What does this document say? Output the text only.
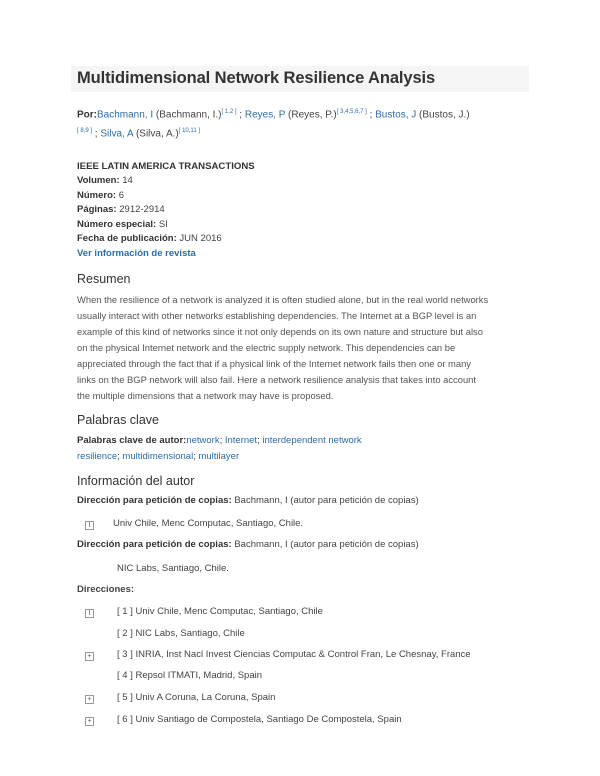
Multidimensional Network Resilience Analysis
Por:Bachmann, I (Bachmann, I.)[ 1,2 ] ; Reyes, P (Reyes, P.)[ 3,4,5,6,7 ] ; Bustos, J (Bustos, J.)
[ 8,9 ] ; Silva, A (Silva, A.)[ 10,11 ]
IEEE LATIN AMERICA TRANSACTIONS
Volumen: 14
Número: 6
Páginas: 2912-2914
Número especial: SI
Fecha de publicación: JUN 2016
Ver información de revista
Resumen
When the resilience of a network is analyzed it is often studied alone, but in the real world networks
usually interact with other networks establishing dependencies. The Internet at a BGP level is an
example of this kind of networks since it not only depends on its own nature and structure but also
on the physical Internet network and the electric supply network. This dependencies can be
appreciated through the fact that if a physical link of the Internet network fails then one or many
links on the BGP network will also fail. Here a network resilience analysis that takes into account
the multiple dimensions that a network may have is proposed.
Palabras clave
Palabras clave de autor:network; Internet; interdependent network
resilience; multidimensional; multilayer
Información del autor
Dirección para petición de copias: Bachmann, I (autor para petición de copias)
I	Univ Chile, Menc Computac, Santiago, Chile.
Dirección para petición de copias: Bachmann, I (autor para petición de copias)
NIC Labs, Santiago, Chile.
Direcciones:
I	[ 1 ] Univ Chile, Menc Computac, Santiago, Chile
[ 2 ] NIC Labs, Santiago, Chile
+	[ 3 ] INRIA, Inst Nacl Invest Ciencias Computac & Control Fran, Le Chesnay, France
[ 4 ] Repsol ITMATI, Madrid, Spain
+	[ 5 ] Univ A Coruna, La Coruna, Spain
+	[ 6 ] Univ Santiago de Compostela, Santiago De Compostela, Spain
